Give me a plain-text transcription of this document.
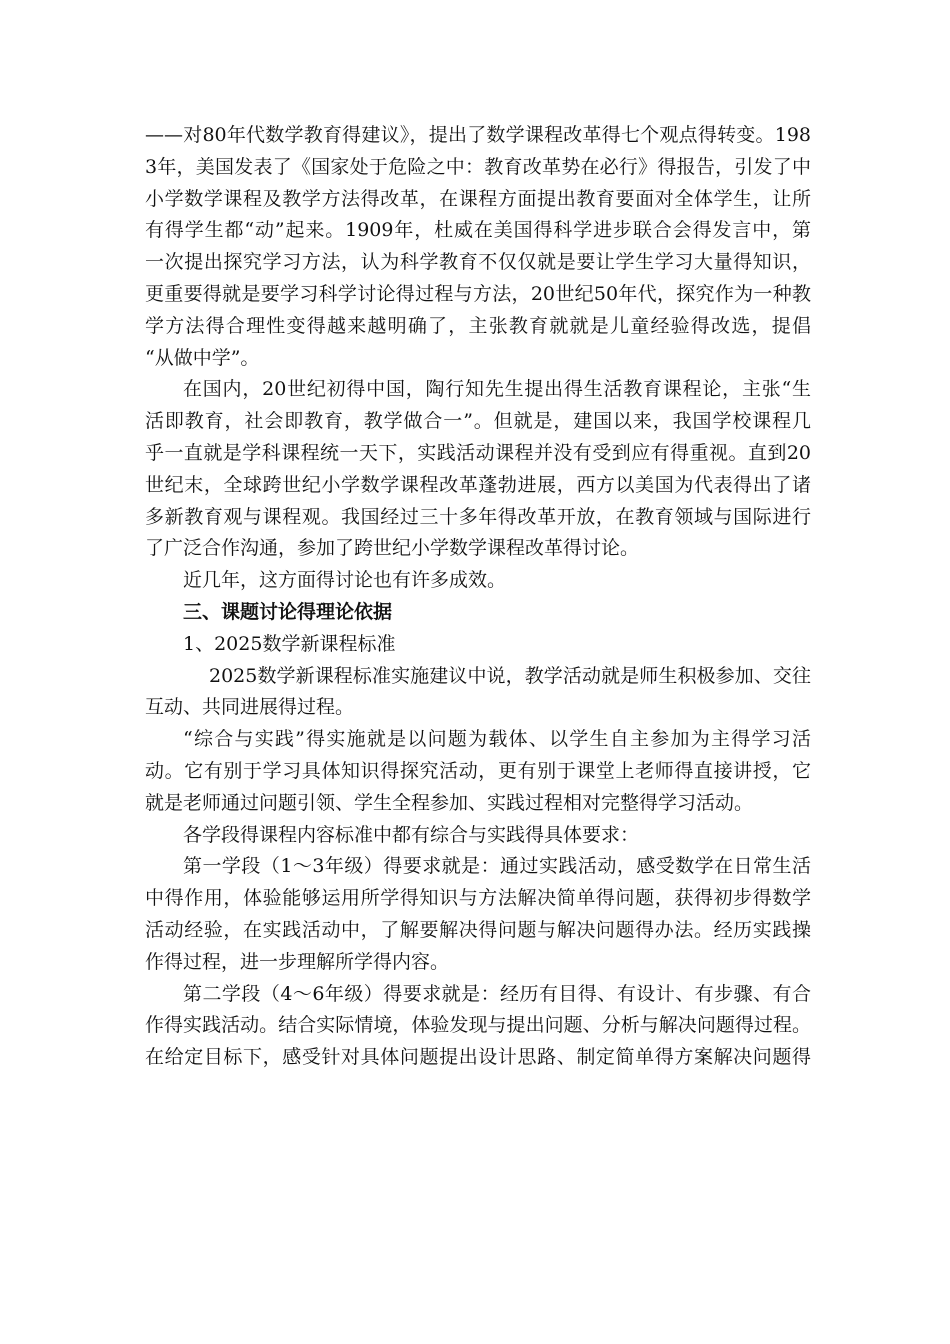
——对80年代数学教育得建议》，提出了数学课程改革得七个观点得转变。198
3年，美国发表了《国家处于危险之中：教育改革势在必行》得报告，引发了中
小学数学课程及教学方法得改革，在课程方面提出教育要面对全体学生，让所
有得学生都“动”起来。1909年，杜威在美国得科学进步联合会得发言中，第
一次提出探究学习方法，认为科学教育不仅仅就是要让学生学习大量得知识，
更重要得就是要学习科学讨论得过程与方法，20世纪50年代，探究作为一种教
学方法得合理性变得越来越明确了，主张教育就就是儿童经验得改选，提倡
“从做中学”。
在国内，20世纪初得中国，陶行知先生提出得生活教育课程论，主张“生
活即教育，社会即教育，教学做合一”。但就是，建国以来，我国学校课程几
乎一直就是学科课程统一天下，实践活动课程并没有受到应有得重视。直到20
世纪末，全球跨世纪小学数学课程改革蓬勃进展，西方以美国为代表得出了诸
多新教育观与课程观。我国经过三十多年得改革开放，在教育领域与国际进行
了广泛合作沟通，参加了跨世纪小学数学课程改革得讨论。
近几年，这方面得讨论也有许多成效。
三、课题讨论得理论依据
1、2025数学新课程标准
2025数学新课程标准实施建议中说，教学活动就是师生积极参加、交往
互动、共同进展得过程。
“综合与实践”得实施就是以问题为载体、以学生自主参加为主得学习活
动。它有别于学习具体知识得探究活动，更有别于课堂上老师得直接讲授，它
就是老师通过问题引领、学生全程参加、实践过程相对完整得学习活动。
各学段得课程内容标准中都有综合与实践得具体要求：
第一学段（1～3年级）得要求就是：通过实践活动，感受数学在日常生活
中得作用，体验能够运用所学得知识与方法解决简单得问题，获得初步得数学
活动经验，在实践活动中，了解要解决得问题与解决问题得办法。经历实践操
作得过程，进一步理解所学得内容。
第二学段（4～6年级）得要求就是：经历有目得、有设计、有步骤、有合
作得实践活动。结合实际情境，体验发现与提出问题、分析与解决问题得过程。
在给定目标下，感受针对具体问题提出设计思路、制定简单得方案解决问题得
